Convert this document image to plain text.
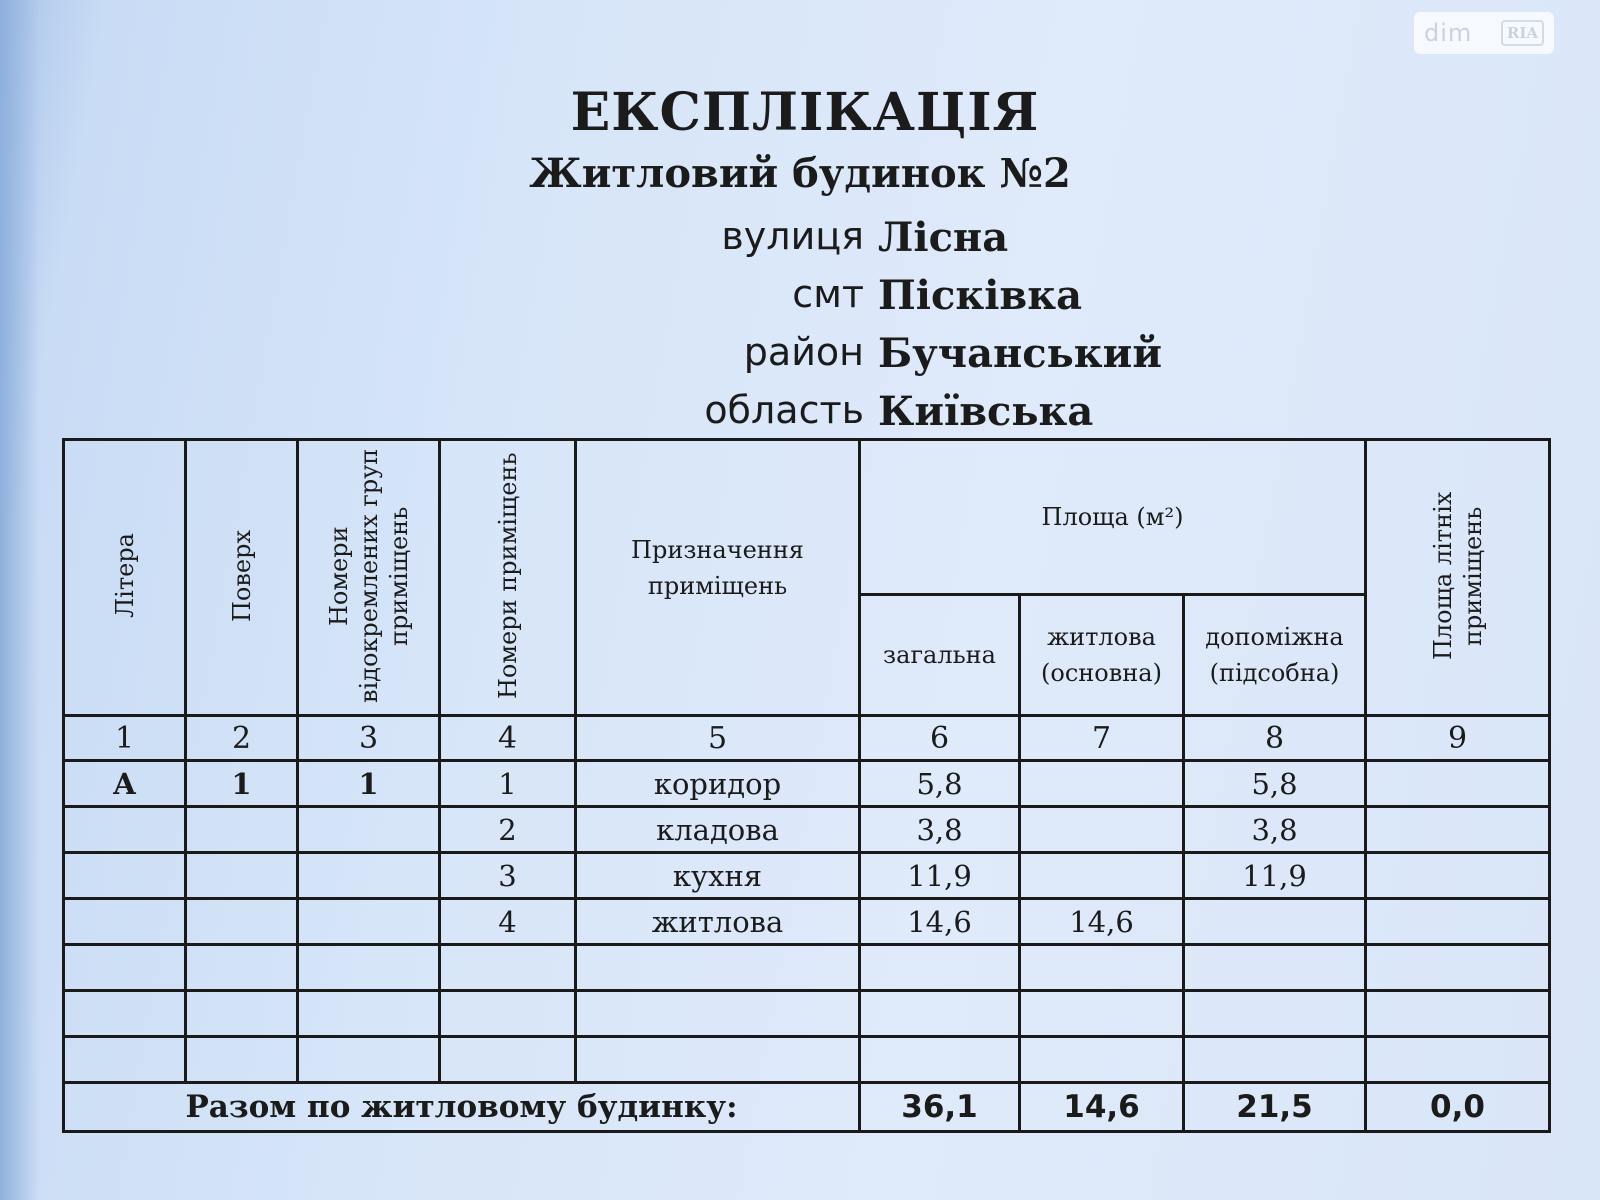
dim	RIA
ЕКСПЛІКАЦІЯ
Житловий будинок №2
вулиця Лісна
смт Пісківка
район Бучанський
область Київська
Літера	Поверх	Номери відокремлених груп приміщень	Номери приміщень	Призначення приміщень	Площа (м²)			Площа літніх приміщень
					загальна	житлова (основна)	допоміжна (підсобна)	
1	2	3	4	5	6	7	8	9
А	1	1	1	коридор	5,8		5,8	
			2	кладова	3,8		3,8	
			3	кухня	11,9		11,9	
			4	житлова	14,6	14,6		

Разом по житловому будинку:					36,1	14,6	21,5	0,0
